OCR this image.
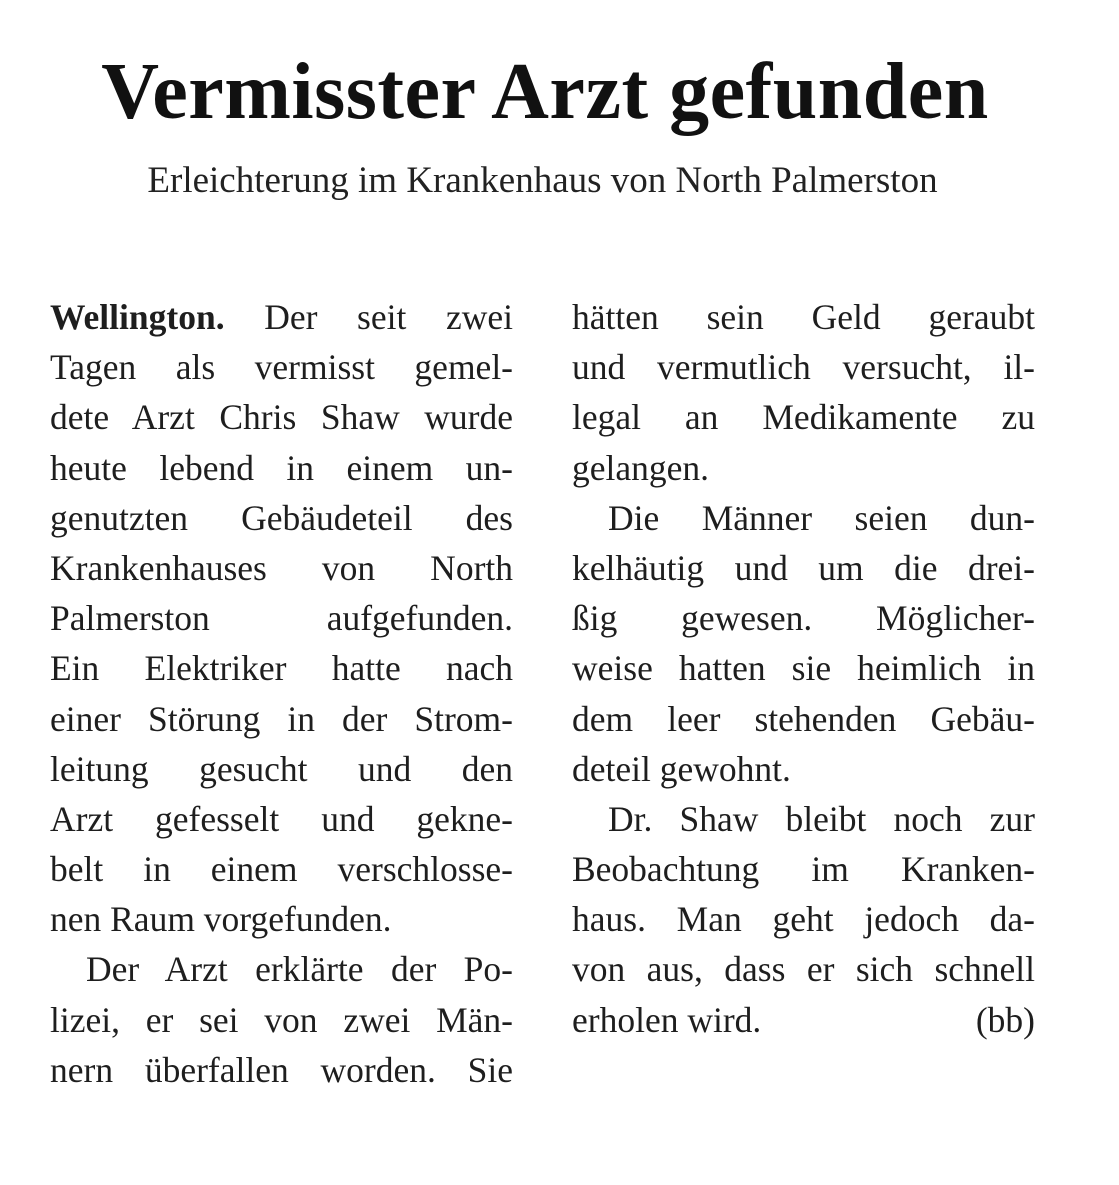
Vermisster Arzt gefunden
Erleichterung im Krankenhaus von North Palmerston
Wellington. Der seit zwei
Tagen als vermisst gemel-
dete Arzt Chris Shaw wurde
heute lebend in einem un-
genutzten Gebäudeteil des
Krankenhauses von North
Palmerston aufgefunden.
Ein Elektriker hatte nach
einer Störung in der Strom-
leitung gesucht und den
Arzt gefesselt und gekne-
belt in einem verschlosse-
nen Raum vorgefunden.
Der Arzt erklärte der Po-
lizei, er sei von zwei Män-
nern überfallen worden. Sie
hätten sein Geld geraubt
und vermutlich versucht, il-
legal an Medikamente zu
gelangen.
Die Männer seien dun-
kelhäutig und um die drei-
ßig gewesen. Möglicher-
weise hatten sie heimlich in
dem leer stehenden Gebäu-
deteil gewohnt.
Dr. Shaw bleibt noch zur
Beobachtung im Kranken-
haus. Man geht jedoch da-
von aus, dass er sich schnell
erholen wird.	(bb)
